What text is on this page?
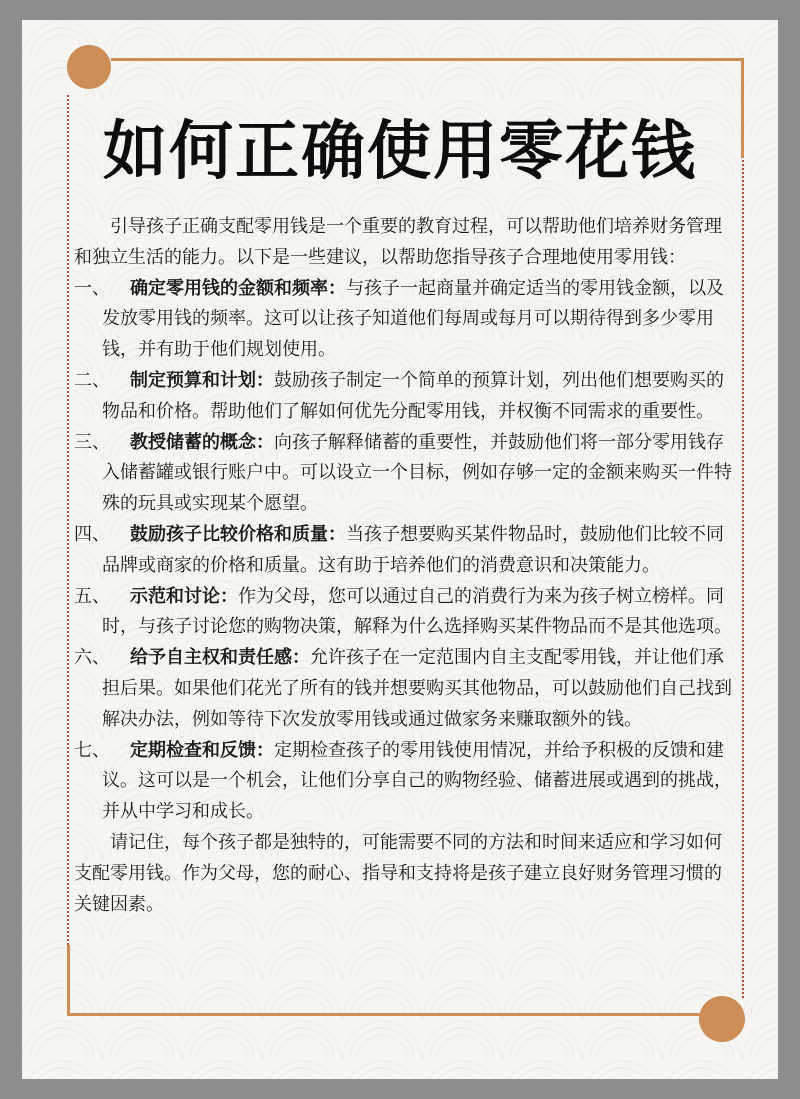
如何正确使用零花钱

引导孩子正确支配零用钱是一个重要的教育过程，可以帮助他们培养财务管理和独立生活的能力。以下是一些建议，以帮助您指导孩子合理地使用零用钱：

一、 确定零用钱的金额和频率：与孩子一起商量并确定适当的零用钱金额，以及发放零用钱的频率。这可以让孩子知道他们每周或每月可以期待得到多少零用钱，并有助于他们规划使用。

二、 制定预算和计划：鼓励孩子制定一个简单的预算计划，列出他们想要购买的物品和价格。帮助他们了解如何优先分配零用钱，并权衡不同需求的重要性。

三、 教授储蓄的概念：向孩子解释储蓄的重要性，并鼓励他们将一部分零用钱存入储蓄罐或银行账户中。可以设立一个目标，例如存够一定的金额来购买一件特殊的玩具或实现某个愿望。

四、 鼓励孩子比较价格和质量：当孩子想要购买某件物品时，鼓励他们比较不同品牌或商家的价格和质量。这有助于培养他们的消费意识和决策能力。

五、 示范和讨论：作为父母，您可以通过自己的消费行为来为孩子树立榜样。同时，与孩子讨论您的购物决策，解释为什么选择购买某件物品而不是其他选项。

六、 给予自主权和责任感：允许孩子在一定范围内自主支配零用钱，并让他们承担后果。如果他们花光了所有的钱并想要购买其他物品，可以鼓励他们自己找到解决办法，例如等待下次发放零用钱或通过做家务来赚取额外的钱。

七、 定期检查和反馈：定期检查孩子的零用钱使用情况，并给予积极的反馈和建议。这可以是一个机会，让他们分享自己的购物经验、储蓄进展或遇到的挑战，并从中学习和成长。

请记住，每个孩子都是独特的，可能需要不同的方法和时间来适应和学习如何支配零用钱。作为父母，您的耐心、指导和支持将是孩子建立良好财务管理习惯的关键因素。
